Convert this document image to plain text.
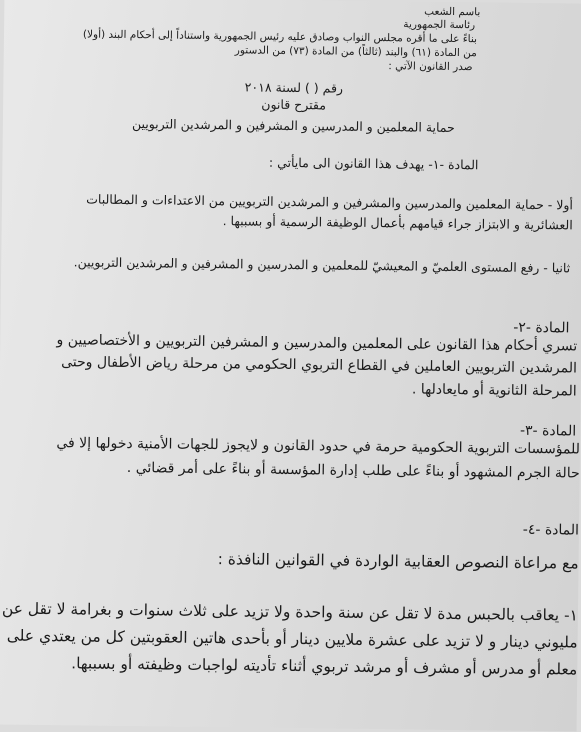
باسم الشعب
رئاسة الجمهورية
بناءً على ما أقره مجلس النواب وصادق عليه رئيس الجمهورية واستناداً إلى أحكام البند (أولا)
من المادة (٦١) والبند (ثالثاً) من المادة (٧٣) من الدستور
صدر القانون الآتي :
رقم ( ) لسنة ٢٠١٨
مقترح قانون
حماية المعلمين و المدرسين و المشرفين و المرشدين التربويين
المادة -١- يهدف هذا القانون الى مايأتي :
أولا - حماية المعلمين والمدرسين والمشرفين و المرشدين التربويين من الاعتداءات و المطالبات
العشائرية و الابتزاز جراء قيامهم بأعمال الوظيفة الرسمية أو بسببها .
ثانيا - رفع المستوى العلميّ و المعيشيّ للمعلمين و المدرسين و المشرفين و المرشدين التربويين.
المادة -٢-
تسري أحكام هذا القانون على المعلمين والمدرسين و المشرفين التربويين و الأختصاصيين و
المرشدين التربويين العاملين في القطاع التربوي الحكومي من مرحلة رياض الأطفال وحتى
المرحلة الثانوية أو مايعادلها .
المادة -٣-
للمؤسسات التربوية الحكومية حرمة في حدود القانون و لايجوز للجهات الأمنية دخولها إلا في
حالة الجرم المشهود أو بناءً على طلب إدارة المؤسسة أو بناءً على أمر قضائي .
المادة -٤-
مع مراعاة النصوص العقابية الواردة في القوانين النافذة :
١- يعاقب بالحبس مدة لا تقل عن سنة واحدة ولا تزيد على ثلاث سنوات و بغرامة لا تقل عن
مليوني دينار و لا تزيد على عشرة ملايين دينار أو بأحدى هاتين العقوبتين كل من يعتدي على
معلم أو مدرس أو مشرف أو مرشد تربوي أثناء تأديته لواجبات وظيفته أو بسببها.
